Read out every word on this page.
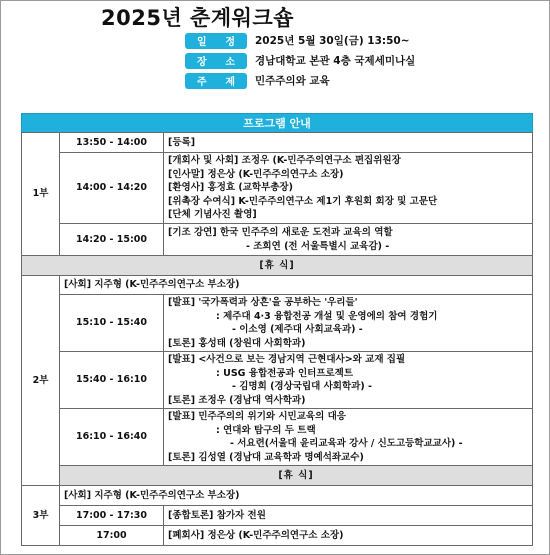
2025년 춘계워크숍
일 정 2025년 5월 30일(금) 13:50~
장 소 경남대학교 본관 4층 국제세미나실
주 제 민주주의와 교육
프로그램 안내
1부	13:50 - 14:00	[등록]

	14:00 - 14:20	[개회사 및 사회] 조정우 (K-민주주의연구소 편집위원장
[인사말] 정은상 (K-민주주의연구소 소장)
[환영사] 홍정효 (교학부총장)
[위촉장 수여식] K-민주주의연구소 제1기 후원회 회장 및 고문단
[단체 기념사진 촬영]

	14:20 - 15:00	[기조 강연] 한국 민주주의 새로운 도전과 교육의 역할
- 조희연 (전 서울특별시 교육감) -

[휴 식]		
2부	[사회] 지주형 (K-민주주의연구소 부소장)	

	15:10 - 15:40	[발표] '국가폭력과 상흔'을 공부하는 '우리들'
: 제주대 4·3 융합전공 개설 및 운영에의 참여 경험기
- 이소영 (제주대 사회교육과) -
[토론] 홍성태 (창원대 사회학과)

	15:40 - 16:10	[발표] <사건으로 보는 경남지역 근현대사>와 교재 집필
: USG 융합전공과 인터프로젝트
- 김명희 (경상국립대 사회학과) -
[토론] 조정우 (경남대 역사학과)

	16:10 - 16:40	[발표] 민주주의의 위기와 시민교육의 대응
: 연대와 탐구의 두 트랙
- 서요련(서울대 윤리교육과 강사 / 신도고등학교교사) -
[토론] 김성열 (경남대 교육학과 명예석좌교수)

	[휴 식]	
3부	[사회] 지주형 (K-민주주의연구소 부소장)	

	17:00 - 17:30	[종합토론] 참가자 전원

	17:00	[폐회사] 정은상 (K-민주주의연구소 소장)
